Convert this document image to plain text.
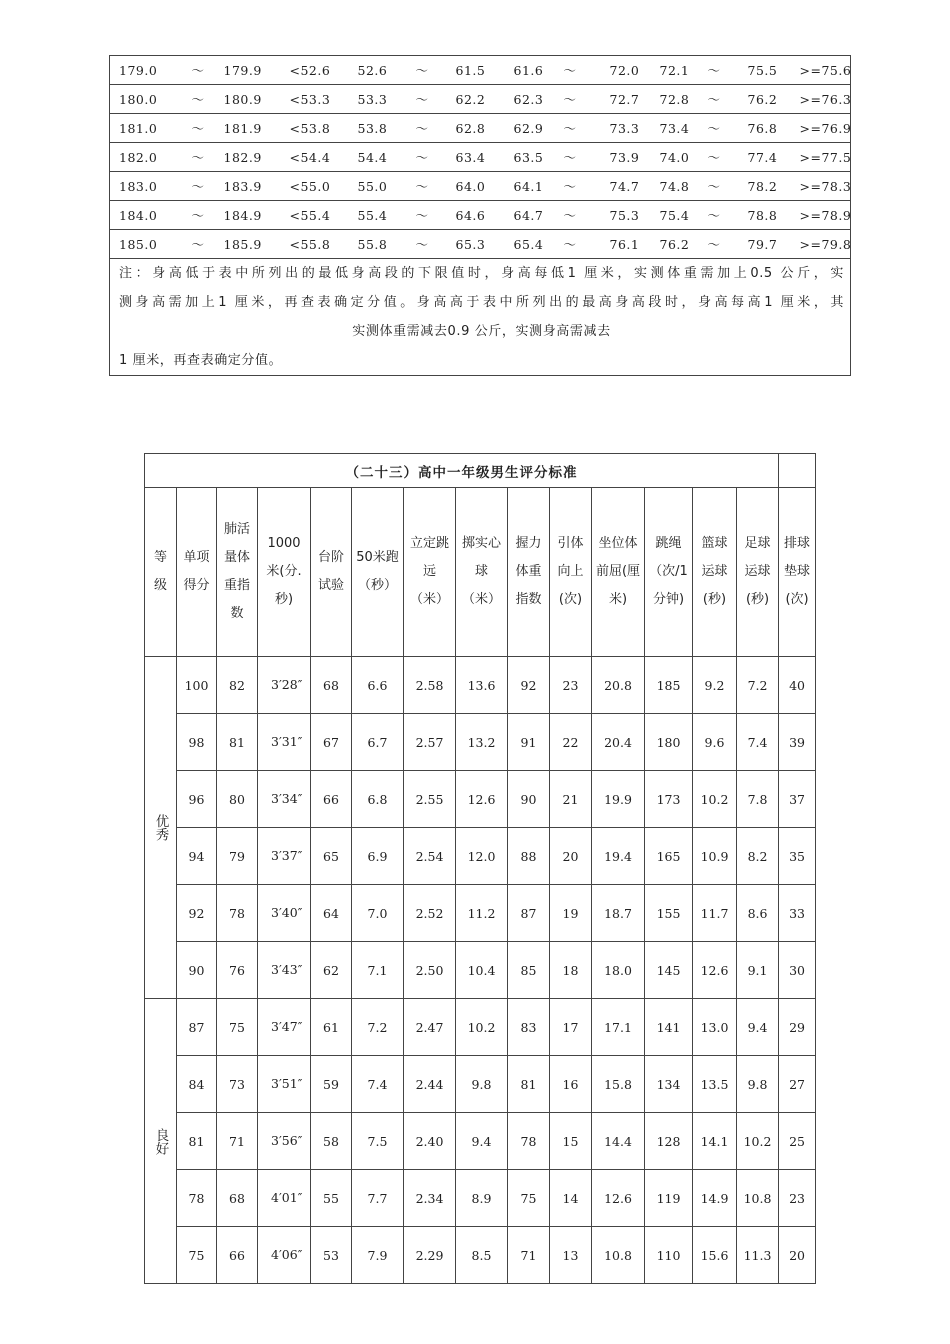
179.0	～	179.9	<52.6	52.6	～	61.5	61.6	～	72.0	72.1	～	75.5	>=75.6
180.0	～	180.9	<53.3	53.3	～	62.2	62.3	～	72.7	72.8	～	76.2	>=76.3
181.0	～	181.9	<53.8	53.8	～	62.8	62.9	～	73.3	73.4	～	76.8	>=76.9
182.0	～	182.9	<54.4	54.4	～	63.4	63.5	～	73.9	74.0	～	77.4	>=77.5
183.0	～	183.9	<55.0	55.0	～	64.0	64.1	～	74.7	74.8	～	78.2	>=78.3
184.0	～	184.9	<55.4	55.4	～	64.6	64.7	～	75.3	75.4	～	78.8	>=78.9
185.0	～	185.9	<55.8	55.8	～	65.3	65.4	～	76.1	76.2	～	79.7	>=79.8

注：身高低于表中所列出的最低身高段的下限值时，身高每低1 厘米，实测体重需加上0.5 公斤，实
测身高需加上1 厘米，再查表确定分值。身高高于表中所列出的最高身高段时，身高每高1 厘米，其
实测体重需减去0.9 公斤，实测身高需减去
1 厘米，再查表确定分值。													
（二十三）高中一年级男生评分标准														
等级	单项得分	肺活量体重指数	1000米(分.秒)	台阶试验	50米跑（秒）	立定跳远（米）	掷实心球（米）	握力体重指数	引体向上(次)	坐位体前屈(厘米)	跳绳（次/1分钟)	篮球运球(秒)	足球运球(秒)	排球垫球(次)
优秀	100	82	3′28″	68	6.6	2.58	13.6	92	23	20.8	185	9.2	7.2	40
	98	81	3′31″	67	6.7	2.57	13.2	91	22	20.4	180	9.6	7.4	39
	96	80	3′34″	66	6.8	2.55	12.6	90	21	19.9	173	10.2	7.8	37
	94	79	3′37″	65	6.9	2.54	12.0	88	20	19.4	165	10.9	8.2	35
	92	78	3′40″	64	7.0	2.52	11.2	87	19	18.7	155	11.7	8.6	33
	90	76	3′43″	62	7.1	2.50	10.4	85	18	18.0	145	12.6	9.1	30
良好	87	75	3′47″	61	7.2	2.47	10.2	83	17	17.1	141	13.0	9.4	29
	84	73	3′51″	59	7.4	2.44	9.8	81	16	15.8	134	13.5	9.8	27
	81	71	3′56″	58	7.5	2.40	9.4	78	15	14.4	128	14.1	10.2	25
	78	68	4′01″	55	7.7	2.34	8.9	75	14	12.6	119	14.9	10.8	23
	75	66	4′06″	53	7.9	2.29	8.5	71	13	10.8	110	15.6	11.3	20
